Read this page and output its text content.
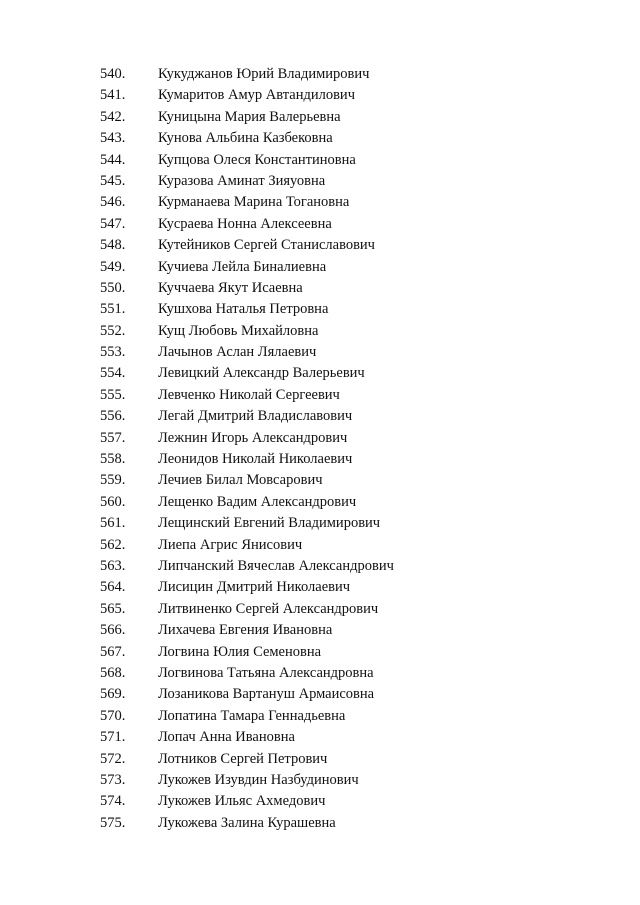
540.	Кукуджанов Юрий Владимирович
541.	Кумаритов Амур Автандилович
542.	Куницына Мария Валерьевна
543.	Кунова Альбина Казбековна
544.	Купцова Олеся Константиновна
545.	Куразова Аминат Зияуовна
546.	Курманаева Марина Тогановна
547.	Кусраева Нонна Алексеевна
548.	Кутейников Сергей Станиславович
549.	Кучиева Лейла Биналиевна
550.	Куччаева Якут Исаевна
551.	Кушхова Наталья Петровна
552.	Кущ Любовь Михайловна
553.	Лачынов Аслан Лялаевич
554.	Левицкий Александр Валерьевич
555.	Левченко Николай Сергеевич
556.	Легай Дмитрий Владиславович
557.	Лежнин Игорь Александрович
558.	Леонидов Николай Николаевич
559.	Лечиев Билал Мовсарович
560.	Лещенко Вадим Александрович
561.	Лещинский Евгений Владимирович
562.	Лиепа Агрис Янисович
563.	Липчанский Вячеслав Александрович
564.	Лисицин Дмитрий Николаевич
565.	Литвиненко Сергей Александрович
566.	Лихачева Евгения Ивановна
567.	Логвина Юлия Семеновна
568.	Логвинова Татьяна Александровна
569.	Лозаникова Вартануш Армаисовна
570.	Лопатина Тамара Геннадьевна
571.	Лопач Анна Ивановна
572.	Лотников Сергей Петрович
573.	Лукожев Изувдин Назбудинович
574.	Лукожев Ильяс Ахмедович
575.	Лукожева Залина Курашевна
